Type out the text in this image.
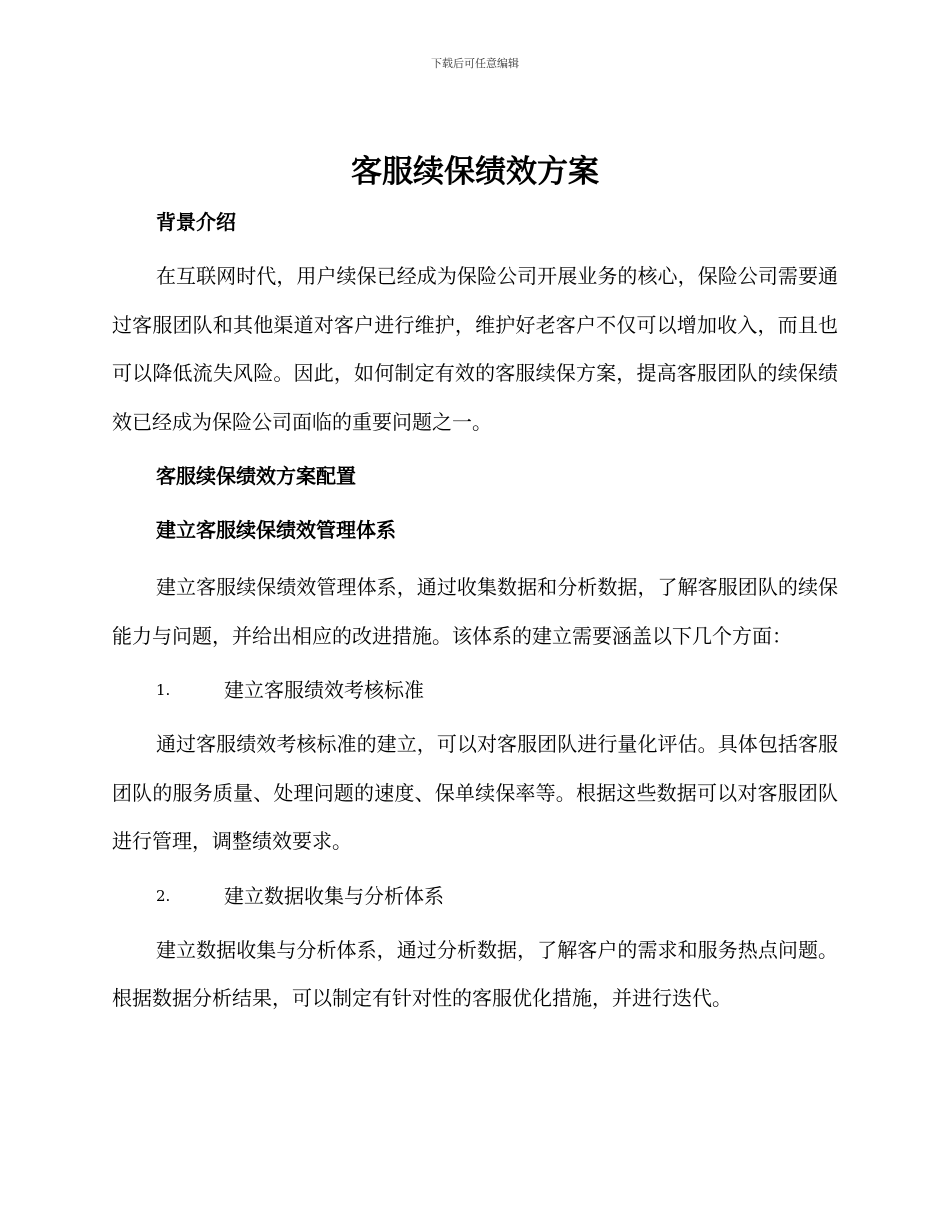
下载后可任意编辑
客服续保绩效方案
背景介绍

在互联网时代，用户续保已经成为保险公司开展业务的核心，保险公司需要通过客服团队和其他渠道对客户进行维护，维护好老客户不仅可以增加收入，而且也可以降低流失风险。因此，如何制定有效的客服续保方案，提高客服团队的续保绩效已经成为保险公司面临的重要问题之一。

客服续保绩效方案配置
建立客服续保绩效管理体系

建立客服续保绩效管理体系，通过收集数据和分析数据，了解客服团队的续保能力与问题，并给出相应的改进措施。该体系的建立需要涵盖以下几个方面：

1.	建立客服绩效考核标准

通过客服绩效考核标准的建立，可以对客服团队进行量化评估。具体包括客服团队的服务质量、处理问题的速度、保单续保率等。根据这些数据可以对客服团队进行管理，调整绩效要求。

2.	建立数据收集与分析体系

建立数据收集与分析体系，通过分析数据，了解客户的需求和服务热点问题。根据数据分析结果，可以制定有针对性的客服优化措施，并进行迭代。
